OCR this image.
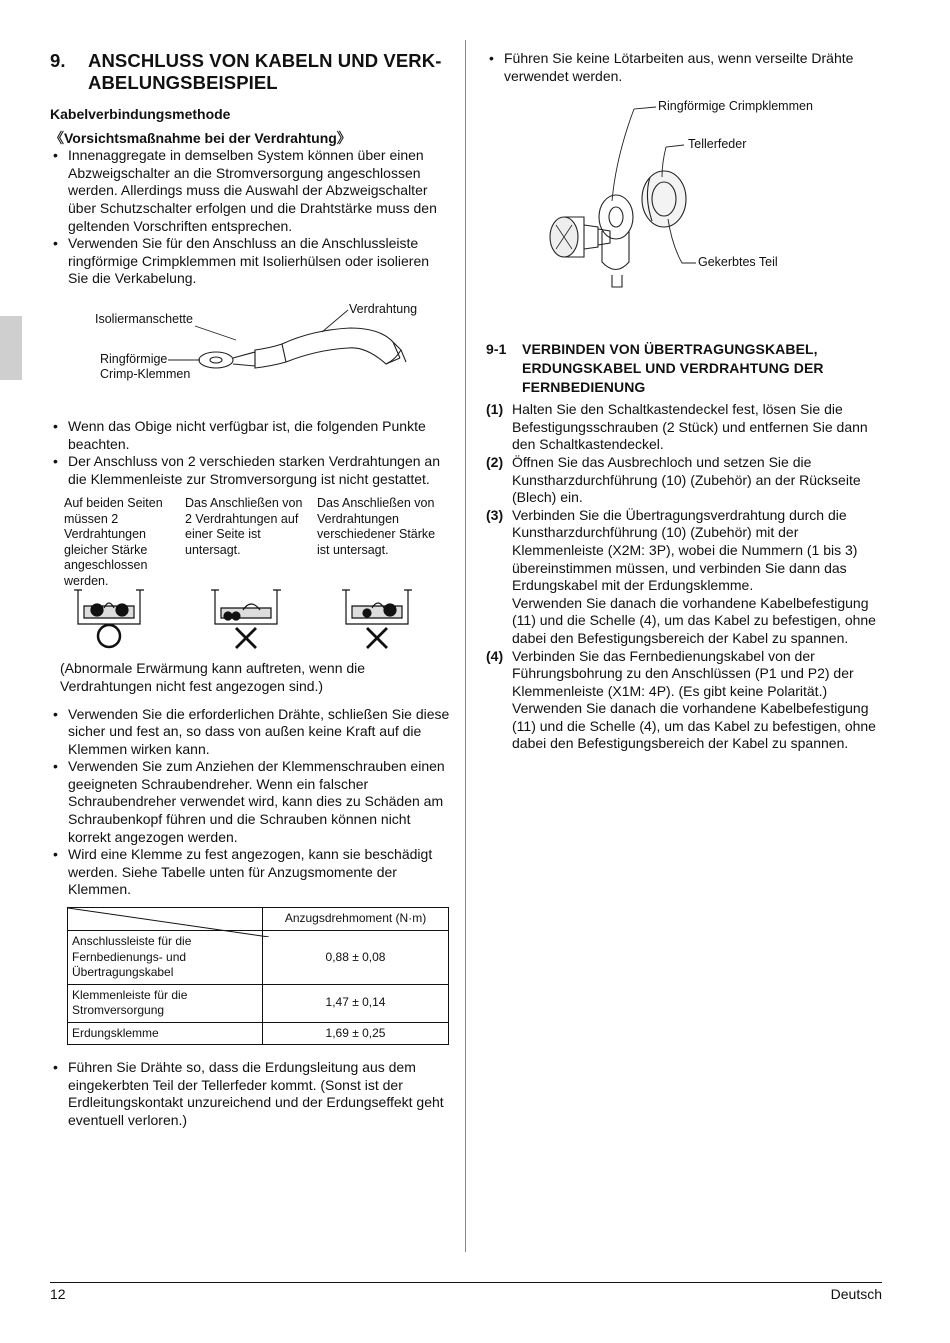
9.	ANSCHLUSS VON KABELN UND VERK-
ABELUNGSBEISPIEL

Kabelverbindungsmethode

《Vorsichtsmaßnahme bei der Verdrahtung》

• Innenaggregate in demselben System können über einen Abzweigschalter an die Stromversorgung angeschlossen werden. Allerdings muss die Auswahl der Abzweigschalter über Schutzschalter erfolgen und die Drahtstärke muss den geltenden Vorschriften entsprechen.
• Verwenden Sie für den Anschluss an die Anschlussleiste ringförmige Crimpklemmen mit Isolierhülsen oder isolieren Sie die Verkabelung.
Isoliermanschette
Verdrahtung
Ringförmige
Crimp-Klemmen
• Wenn das Obige nicht verfügbar ist, die folgenden Punkte beachten.
• Der Anschluss von 2 verschieden starken Verdrahtungen an die Klemmenleiste zur Stromversorgung ist nicht gestattet.
Auf beiden Seiten müssen 2 Verdrahtungen gleicher Stärke angeschlossen werden.
Das Anschließen von 2 Verdrahtungen auf einer Seite ist untersagt.
Das Anschließen von Verdrahtungen verschiedener Stärke ist untersagt.

(Abnormale Erwärmung kann auftreten, wenn die Verdrahtungen nicht fest angezogen sind.)

• Verwenden Sie die erforderlichen Drähte, schließen Sie diese sicher und fest an, so dass von außen keine Kraft auf die Klemmen wirken kann.
• Verwenden Sie zum Anziehen der Klemmenschrauben einen geeigneten Schraubendreher. Wenn ein falscher Schraubendreher verwendet wird, kann dies zu Schäden am Schraubenkopf führen und die Schrauben können nicht korrekt angezogen werden.
• Wird eine Klemme zu fest angezogen, kann sie beschädigt werden. Siehe Tabelle unten für Anzugsmomente der Klemmen.
	Anzugsdrehmoment (N·m)
Anschlussleiste für die Fernbedienungs- und Übertragungskabel	0,88 ± 0,08
Klemmenleiste für die Stromversorgung	1,47 ± 0,14
Erdungsklemme	1,69 ± 0,25
• Führen Sie Drähte so, dass die Erdungsleitung aus dem eingekerbten Teil der Tellerfeder kommt. (Sonst ist der Erdleitungskontakt unzureichend und der Erdungseffekt geht eventuell verloren.)
• Führen Sie keine Lötarbeiten aus, wenn verseilte Drähte verwendet werden.
Ringförmige Crimpklemmen
Tellerfeder
Gekerbtes Teil
9-1	VERBINDEN VON ÜBERTRAGUNGSKABEL,
ERDUNGSKABEL UND VERDRAHTUNG DER
FERNBEDIENUNG
(1) Halten Sie den Schaltkastendeckel fest, lösen Sie die Befestigungsschrauben (2 Stück) und entfernen Sie dann den Schaltkastendeckel.
(2) Öffnen Sie das Ausbrechloch und setzen Sie die Kunstharzdurchführung (10) (Zubehör) an der Rückseite (Blech) ein.
(3) Verbinden Sie die Übertragungsverdrahtung durch die Kunstharzdurchführung (10) (Zubehör) mit der Klemmenleiste (X2M: 3P), wobei die Nummern (1 bis 3) übereinstimmen müssen, und verbinden Sie dann das Erdungskabel mit der Erdungsklemme.
Verwenden Sie danach die vorhandene Kabelbefestigung (11) und die Schelle (4), um das Kabel zu befestigen, ohne dabei den Befestigungsbereich der Kabel zu spannen.
(4) Verbinden Sie das Fernbedienungskabel von der Führungsbohrung zu den Anschlüssen (P1 und P2) der Klemmenleiste (X1M: 4P). (Es gibt keine Polarität.)
Verwenden Sie danach die vorhandene Kabelbefestigung (11) und die Schelle (4), um das Kabel zu befestigen, ohne dabei den Befestigungsbereich der Kabel zu spannen.
12	Deutsch
